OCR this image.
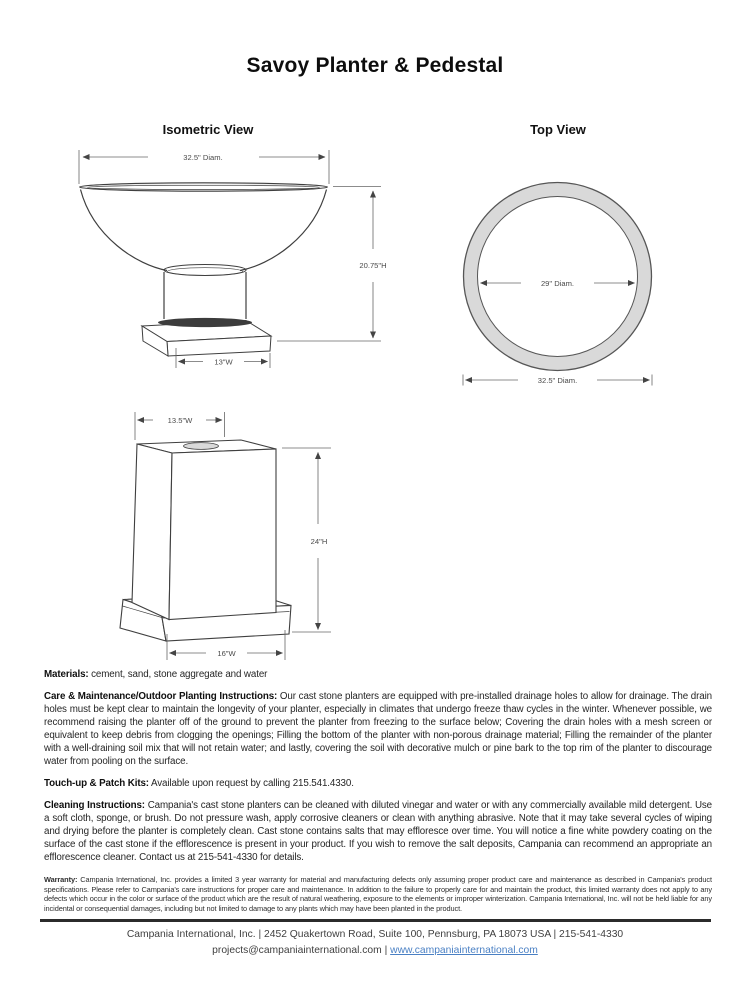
Savoy Planter & Pedestal
Isometric View	Top View
32.5" Diam.
20.75"H
13"W
29" Diam.
32.5" Diam.
13.5"W
24"H
16"W

Materials: cement, sand, stone aggregate and water

Care & Maintenance/Outdoor Planting Instructions: Our cast stone planters are equipped with pre-installed drainage holes to allow for drainage. The drain holes must be kept clear to maintain the longevity of your planter, especially in climates that undergo freeze thaw cycles in the winter. Whenever possible, we recommend raising the planter off of the ground to prevent the planter from freezing to the surface below; Covering the drain holes with a mesh screen or equivalent to keep debris from clogging the openings; Filling the bottom of the planter with non-porous drainage material; Filling the remainder of the planter with a well-draining soil mix that will not retain water; and lastly, covering the soil with decorative mulch or pine bark to the top rim of the planter to discourage water from pooling on the surface.

Touch-up & Patch Kits: Available upon request by calling 215.541.4330.

Cleaning Instructions: Campania's cast stone planters can be cleaned with diluted vinegar and water or with any commercially available mild detergent. Use a soft cloth, sponge, or brush. Do not pressure wash, apply corrosive cleaners or clean with anything abrasive. Note that it may take several cycles of wiping and drying before the planter is completely clean. Cast stone contains salts that may effloresce over time. You will notice a fine white powdery coating on the surface of the cast stone if the efflorescence is present in your product. If you wish to remove the salt deposits, Campania can recommend an appropriate an efflorescence cleaner. Contact us at 215-541-4330 for details.

Warranty: Campania International, Inc. provides a limited 3 year warranty for material and manufacturing defects only assuming proper product care and maintenance as described in Campania's product specifications. Please refer to Campania's care instructions for proper care and maintenance. In addition to the failure to properly care for and maintain the product, this limited warranty does not apply to any defects which occur in the color or surface of the product which are the result of natural weathering, exposure to the elements or improper winterization. Campania International, Inc. will not be held liable for any incidental or consequential damages, including but not limited to damage to any plants which may have been planted in the product.

Campania International, Inc. | 2452 Quakertown Road, Suite 100, Pennsburg, PA 18073 USA | 215-541-4330
projects@campaniainternational.com | www.campaniainternational.com
